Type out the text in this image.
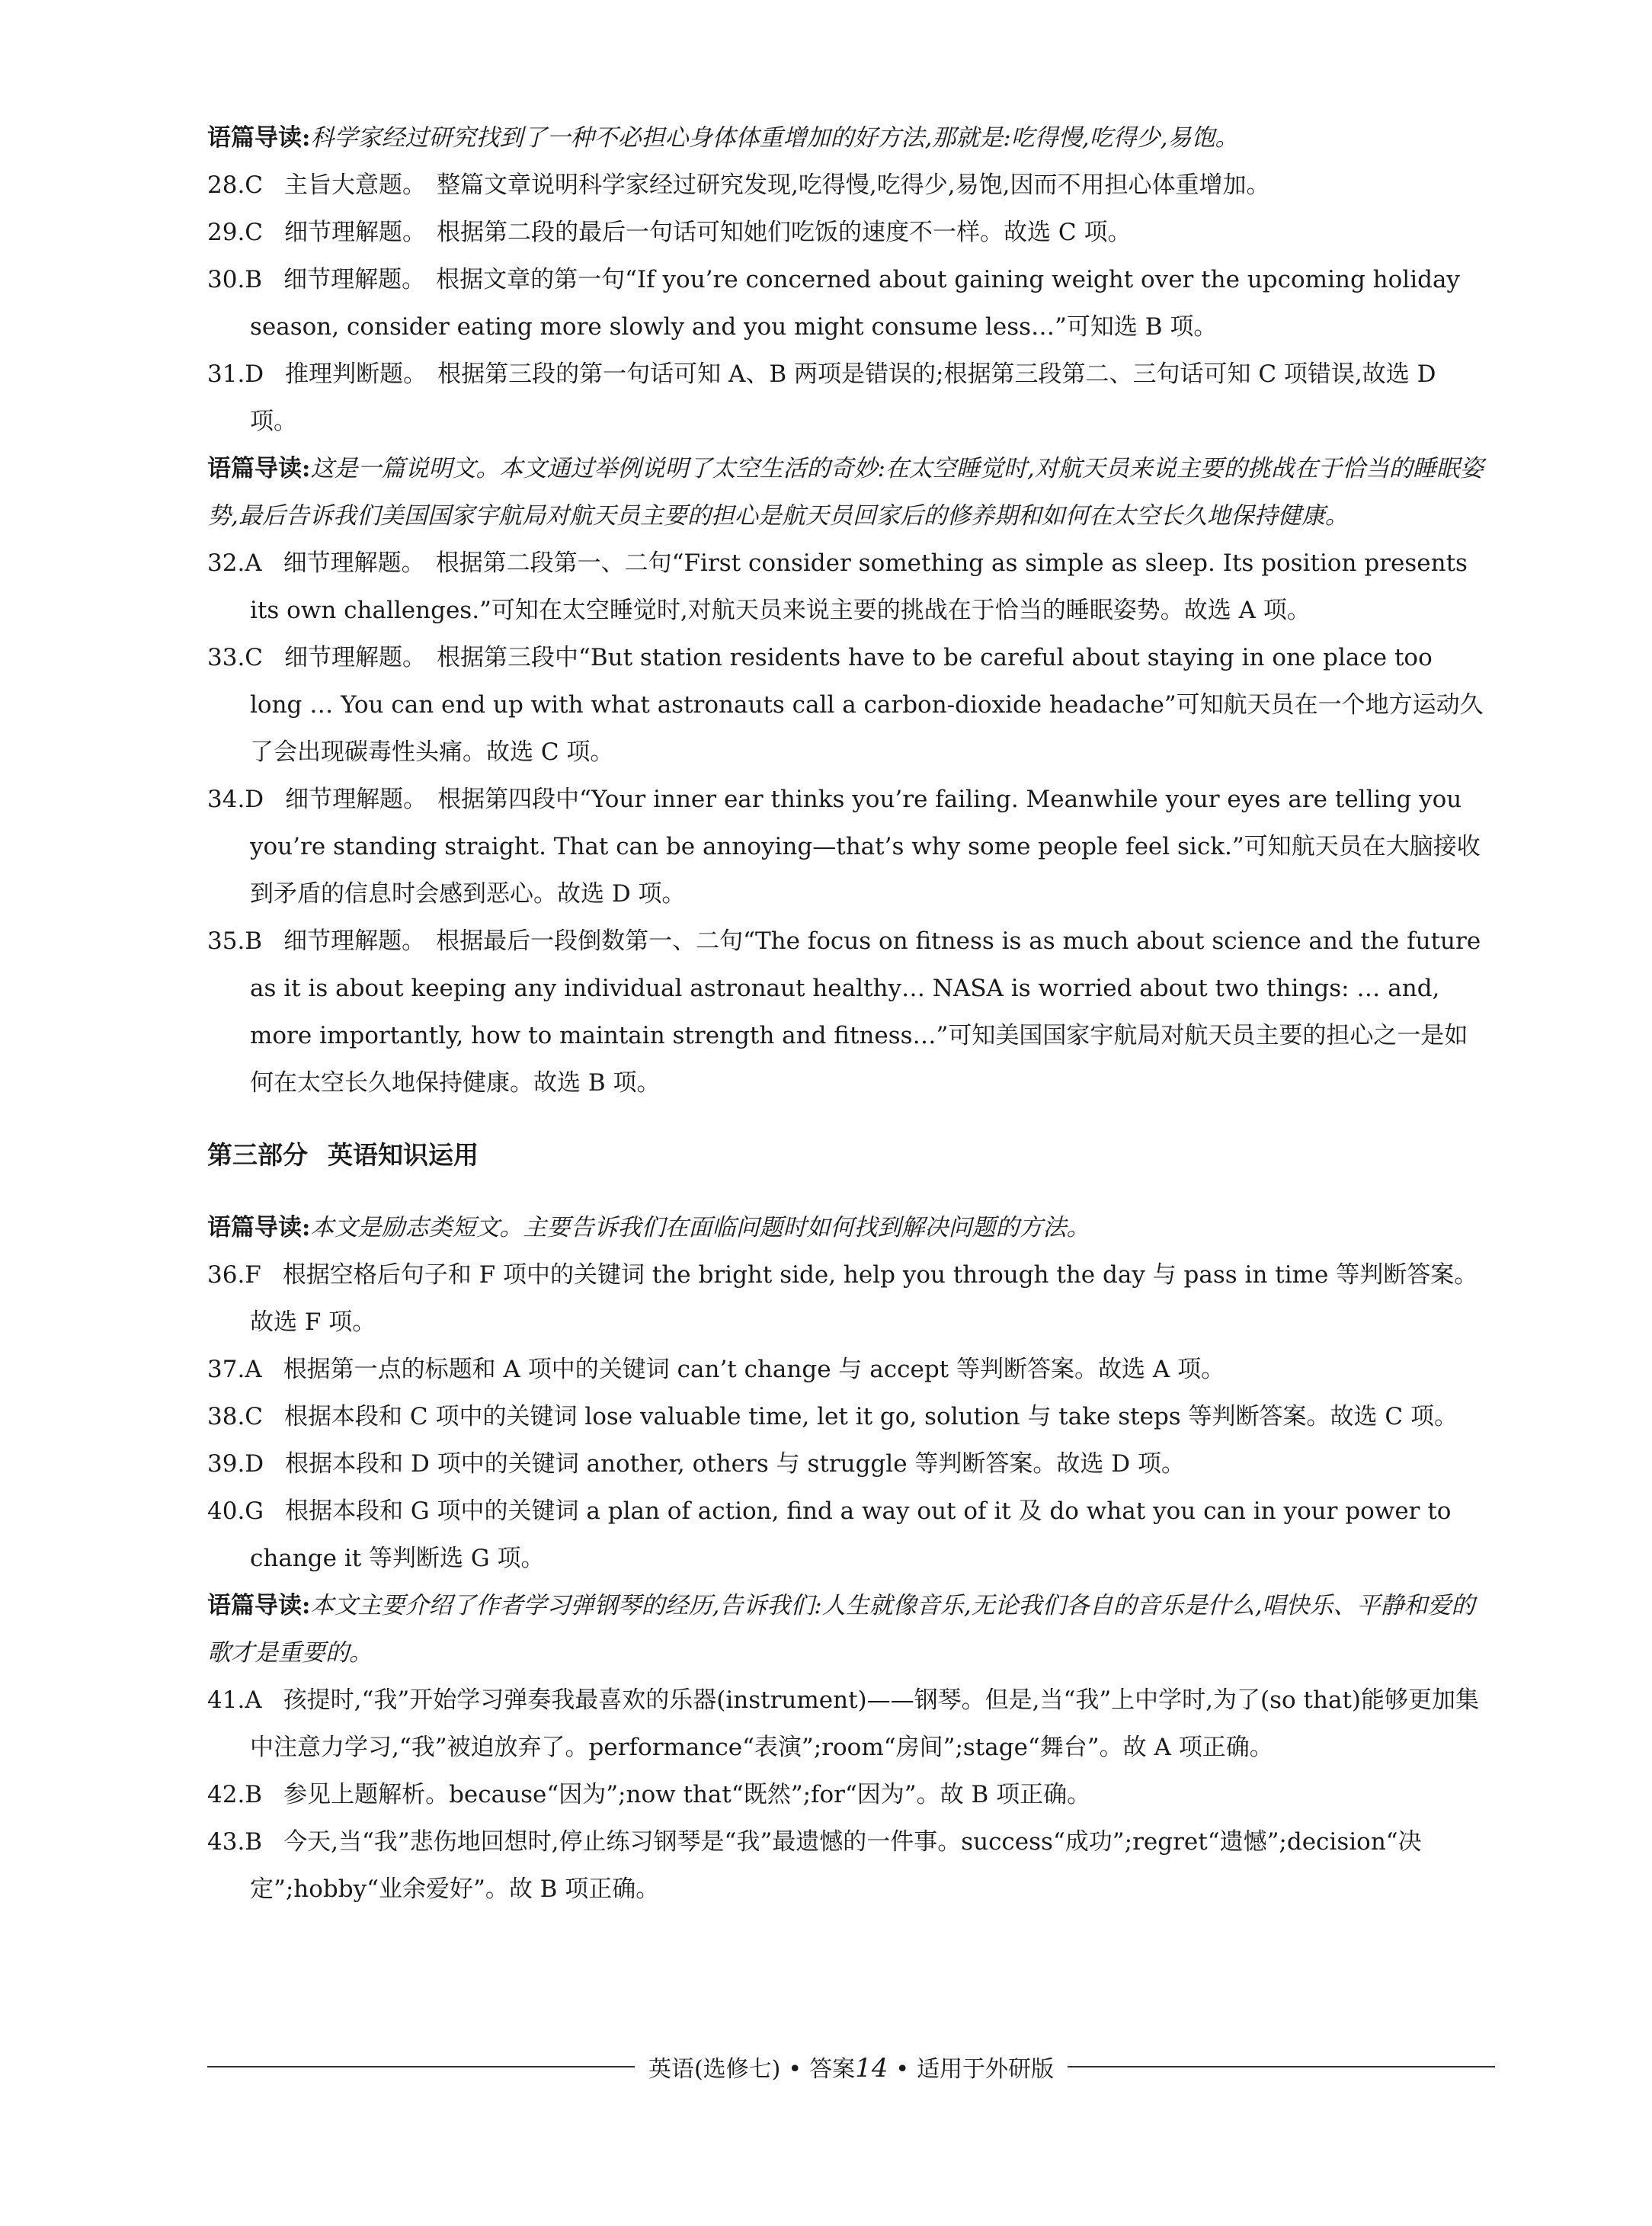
语篇导读:科学家经过研究找到了一种不必担心身体体重增加的好方法,那就是:吃得慢,吃得少,易饱。

28.C 主旨大意题。 整篇文章说明科学家经过研究发现,吃得慢,吃得少,易饱,因而不用担心体重增加。

29.C 细节理解题。 根据第二段的最后一句话可知她们吃饭的速度不一样。故选 C 项。

30.B 细节理解题。 根据文章的第一句“If you’re concerned about gaining weight over the upcoming holiday season, consider eating more slowly and you might consume less…”可知选 B 项。

31.D 推理判断题。 根据第三段的第一句话可知 A、B 两项是错误的;根据第三段第二、三句话可知 C 项错误,故选 D 项。

语篇导读:这是一篇说明文。本文通过举例说明了太空生活的奇妙:在太空睡觉时,对航天员来说主要的挑战在于恰当的睡眠姿势,最后告诉我们美国国家宇航局对航天员主要的担心是航天员回家后的修养期和如何在太空长久地保持健康。

32.A 细节理解题。 根据第二段第一、二句“First consider something as simple as sleep. Its position presents its own challenges.”可知在太空睡觉时,对航天员来说主要的挑战在于恰当的睡眠姿势。故选 A 项。

33.C 细节理解题。 根据第三段中“But station residents have to be careful about staying in one place too long … You can end up with what astronauts call a carbon-dioxide headache”可知航天员在一个地方运动久了会出现碳毒性头痛。故选 C 项。

34.D 细节理解题。 根据第四段中“Your inner ear thinks you’re failing. Meanwhile your eyes are telling you you’re standing straight. That can be annoying—that’s why some people feel sick.”可知航天员在大脑接收到矛盾的信息时会感到恶心。故选 D 项。

35.B 细节理解题。 根据最后一段倒数第一、二句“The focus on fitness is as much about science and the future as it is about keeping any individual astronaut healthy… NASA is worried about two things: … and, more importantly, how to maintain strength and fitness…”可知美国国家宇航局对航天员主要的担心之一是如何在太空长久地保持健康。故选 B 项。

第三部分 英语知识运用

语篇导读:本文是励志类短文。主要告诉我们在面临问题时如何找到解决问题的方法。

36.F 根据空格后句子和 F 项中的关键词 the bright side, help you through the day 与 pass in time 等判断答案。故选 F 项。

37.A 根据第一点的标题和 A 项中的关键词 can’t change 与 accept 等判断答案。故选 A 项。

38.C 根据本段和 C 项中的关键词 lose valuable time, let it go, solution 与 take steps 等判断答案。故选 C 项。

39.D 根据本段和 D 项中的关键词 another, others 与 struggle 等判断答案。故选 D 项。

40.G 根据本段和 G 项中的关键词 a plan of action, find a way out of it 及 do what you can in your power to change it 等判断选 G 项。

语篇导读:本文主要介绍了作者学习弹钢琴的经历,告诉我们:人生就像音乐,无论我们各自的音乐是什么,唱快乐、平静和爱的歌才是重要的。

41.A 孩提时,“我”开始学习弹奏我最喜欢的乐器(instrument)——钢琴。但是,当“我”上中学时,为了(so that)能够更加集中注意力学习,“我”被迫放弃了。performance“表演”;room“房间”;stage“舞台”。故 A 项正确。

42.B 参见上题解析。because“因为”;now that“既然”;for“因为”。故 B 项正确。

43.B 今天,当“我”悲伤地回想时,停止练习钢琴是“我”最遗憾的一件事。success“成功”;regret“遗憾”;decision“决定”;hobby“业余爱好”。故 B 项正确。

英语(选修七) • 答案14 • 适用于外研版
